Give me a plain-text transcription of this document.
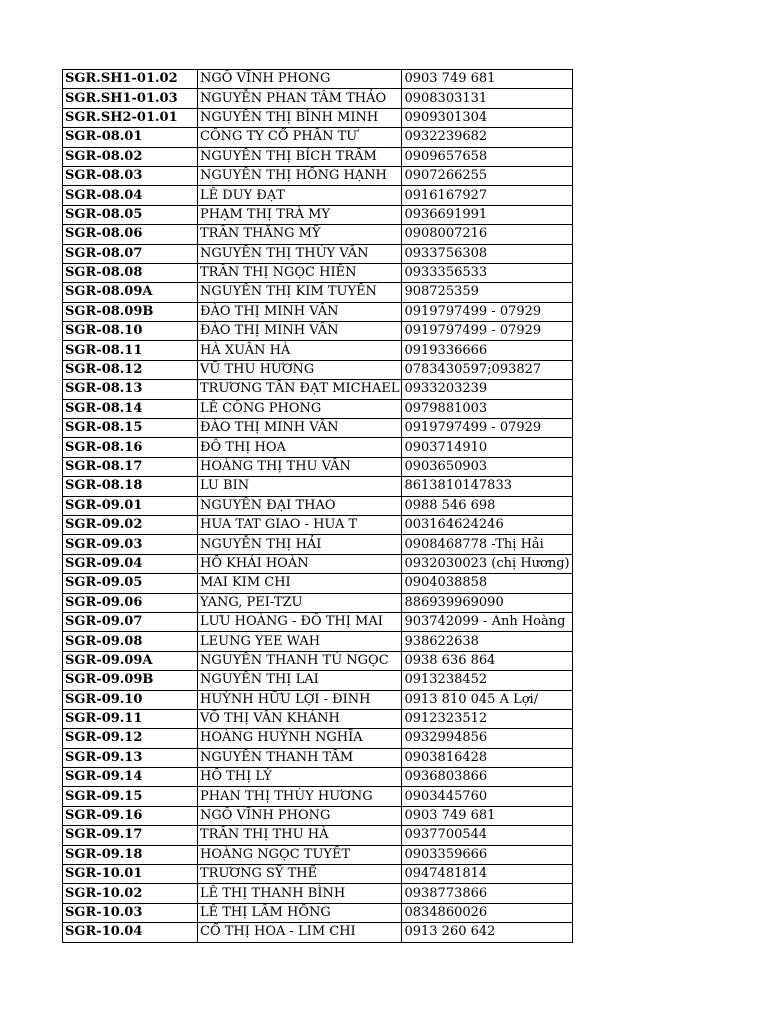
SGR.SH1-01.02	NGÔ VĨNH PHONG	0903 749 681
SGR.SH1-01.03	NGUYỄN PHAN TÂM THẢO	0908303131
SGR.SH2-01.01	NGUYỄN THỊ BÌNH MINH	0909301304
SGR-08.01	CÔNG TY CỔ PHẦN TƯ	0932239682
SGR-08.02	NGUYỄN THỊ BÍCH TRÂM	0909657658
SGR-08.03	NGUYỄN THỊ HỒNG HẠNH	0907266255
SGR-08.04	LÊ DUY ĐẠT	0916167927
SGR-08.05	PHẠM THỊ TRÀ MY	0936691991
SGR-08.06	TRẦN THẮNG MỸ	0908007216
SGR-08.07	NGUYỄN THỊ THÚY VÂN	0933756308
SGR-08.08	TRẦN THỊ NGỌC HIỀN	0933356533
SGR-08.09A	NGUYỄN THỊ KIM TUYẾN	908725359
SGR-08.09B	ĐÀO THỊ MINH VÂN	0919797499 - 07929
SGR-08.10	ĐÀO THỊ MINH VÂN	0919797499 - 07929
SGR-08.11	HÀ XUÂN HÀ	0919336666
SGR-08.12	VŨ THU HƯƠNG	0783430597;093827
SGR-08.13	TRƯƠNG TẤN ĐẠT MICHAEL	0933203239
SGR-08.14	LÊ CÔNG PHONG	0979881003
SGR-08.15	ĐÀO THỊ MINH VÂN	0919797499 - 07929
SGR-08.16	ĐỖ THỊ HOA	0903714910
SGR-08.17	HOÀNG THỊ THU VÂN	0903650903
SGR-08.18	LU BIN	8613810147833
SGR-09.01	NGUYỄN ĐẠI THAO	0988 546 698
SGR-09.02	HUA TAT GIAO - HUA T	003164624246
SGR-09.03	NGUYỄN THỊ HẢI	0908468778 -Thị Hải
SGR-09.04	HỒ KHẢI HOÀN	0932030023 (chị Hương)
SGR-09.05	MAI KIM CHI	0904038858
SGR-09.06	YANG, PEI-TZU	886939969090
SGR-09.07	LƯU HOÀNG - ĐỖ THỊ MAI	903742099 - Anh Hoàng
SGR-09.08	LEUNG YEE WAH	938622638
SGR-09.09A	NGUYỄN THANH TÚ NGỌC	0938 636 864
SGR-09.09B	NGUYỄN THỊ LAI	0913238452
SGR-09.10	HUỲNH HỮU LỢI - ĐINH	0913 810 045 A Lợi/
SGR-09.11	VÕ THỊ VÂN KHÁNH	0912323512
SGR-09.12	HOÀNG HUỲNH NGHĨA	0932994856
SGR-09.13	NGUYỄN THANH TÂM	0903816428
SGR-09.14	HỒ THỊ LÝ	0936803866
SGR-09.15	PHAN THỊ THÙY HƯƠNG	0903445760
SGR-09.16	NGÔ VĨNH PHONG	0903 749 681
SGR-09.17	TRẦN THỊ THU HÀ	0937700544
SGR-09.18	HOÀNG NGỌC TUYẾT	0903359666
SGR-10.01	TRƯƠNG SỸ THỂ	0947481814
SGR-10.02	LÊ THỊ THANH BÌNH	0938773866
SGR-10.03	LÊ THỊ LÂM HỒNG	0834860026
SGR-10.04	CỔ THỊ HOA - LIM CHI	0913 260 642
